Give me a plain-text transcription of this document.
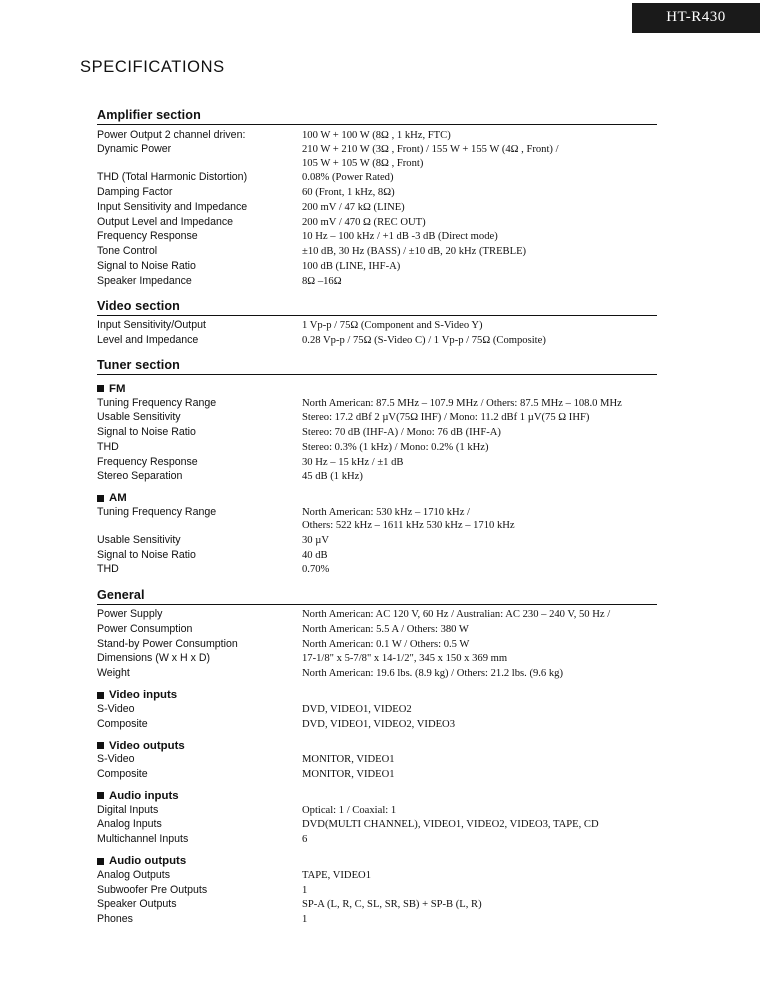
HT-R430
SPECIFICATIONS
Amplifier section
Power Output 2 channel driven:	100 W + 100 W (8Ω , 1 kHz, FTC)

Dynamic Power	210 W + 210 W (3Ω , Front) / 155 W + 155 W (4Ω , Front) /
105 W + 105 W (8Ω , Front)

THD (Total Harmonic Distortion)	0.08% (Power Rated)

Damping Factor	60 (Front, 1 kHz, 8Ω)

Input Sensitivity and Impedance	200 mV / 47 kΩ (LINE)

Output Level and Impedance	200 mV / 470 Ω (REC OUT)

Frequency Response	10 Hz – 100 kHz / +1 dB -3 dB (Direct mode)

Tone Control	±10 dB, 30 Hz (BASS) / ±10 dB, 20 kHz (TREBLE)

Signal to Noise Ratio	100 dB (LINE, IHF-A)

Speaker Impedance	8Ω –16Ω
Video section
Input Sensitivity/Output	1 Vp-p / 75Ω (Component and S-Video Y)

Level and Impedance	0.28 Vp-p / 75Ω (S-Video C) / 1 Vp-p / 75Ω (Composite)
Tuner section
FM
Tuning Frequency Range	North American: 87.5 MHz – 107.9 MHz / Others: 87.5 MHz – 108.0 MHz

Usable Sensitivity	Stereo: 17.2 dBf 2 µV(75Ω IHF) / Mono: 11.2 dBf 1 µV(75 Ω IHF)

Signal to Noise Ratio	Stereo: 70 dB (IHF-A) / Mono: 76 dB (IHF-A)

THD	Stereo: 0.3% (1 kHz) / Mono: 0.2% (1 kHz)

Frequency Response	30 Hz – 15 kHz / ±1 dB

Stereo Separation	45 dB (1 kHz)
AM
Tuning Frequency Range	North American: 530 kHz – 1710 kHz /
Others: 522 kHz – 1611 kHz 530 kHz – 1710 kHz

Usable Sensitivity	30 µV

Signal to Noise Ratio	40 dB

THD	0.70%
General
Power Supply	North American: AC 120 V, 60 Hz / Australian: AC 230 – 240 V, 50 Hz /

Power Consumption	North American: 5.5 A / Others: 380 W

Stand-by Power Consumption	North American: 0.1 W / Others: 0.5 W

Dimensions (W x H x D)	17-1/8" x 5-7/8" x 14-1/2", 345 x 150 x 369 mm

Weight	North American: 19.6 lbs. (8.9 kg) / Others: 21.2 lbs. (9.6 kg)
Video inputs
S-Video	DVD, VIDEO1, VIDEO2

Composite	DVD, VIDEO1, VIDEO2, VIDEO3
Video outputs
S-Video	MONITOR, VIDEO1

Composite	MONITOR, VIDEO1
Audio inputs
Digital Inputs	Optical: 1 / Coaxial: 1

Analog Inputs	DVD(MULTI CHANNEL), VIDEO1, VIDEO2, VIDEO3, TAPE, CD

Multichannel Inputs	6
Audio outputs
Analog Outputs	TAPE, VIDEO1

Subwoofer Pre Outputs	1

Speaker Outputs	SP-A (L, R, C, SL, SR, SB) + SP-B (L, R)

Phones	1
